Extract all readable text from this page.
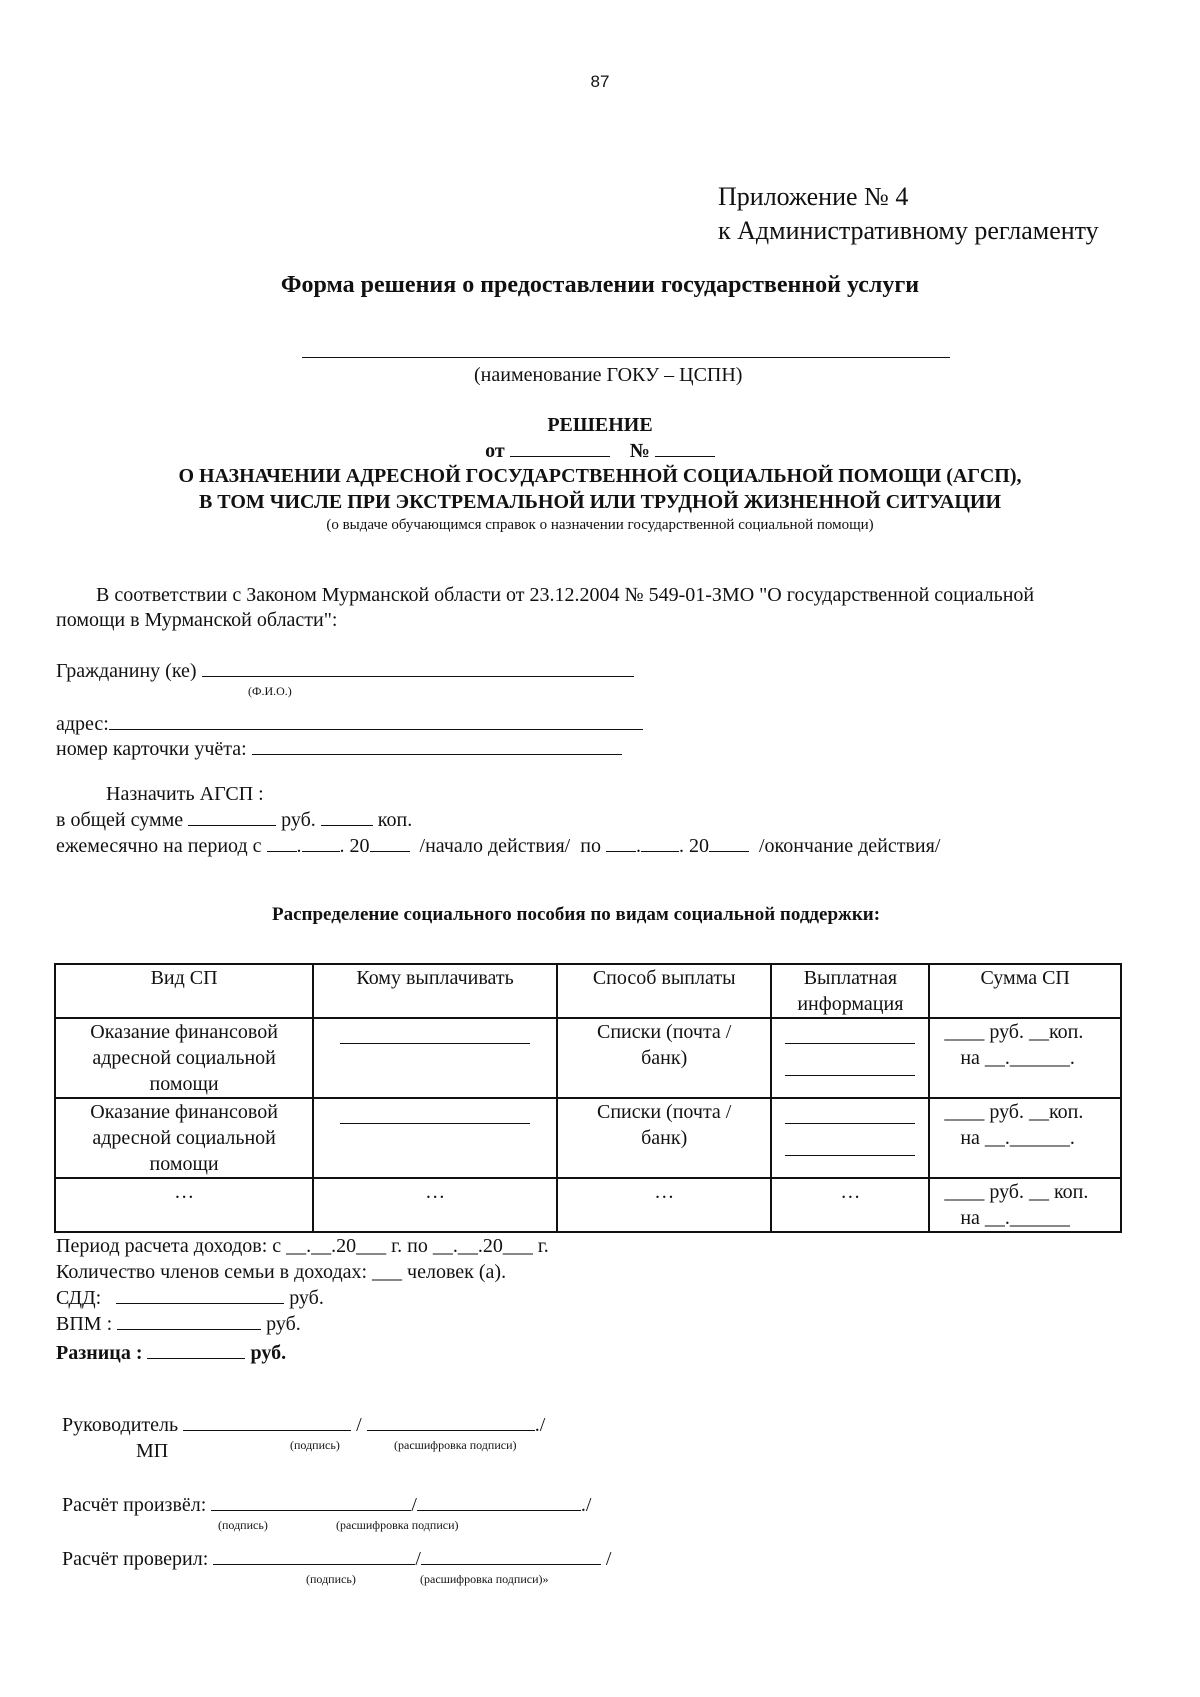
87
Приложение № 4
к Административному регламенту
Форма решения о предоставлении государственной услуги
(наименование ГОКУ – ЦСПН)
РЕШЕНИЕ
от	№
О НАЗНАЧЕНИИ АДРЕСНОЙ ГОСУДАРСТВЕННОЙ СОЦИАЛЬНОЙ ПОМОЩИ (АГСП),
В ТОМ ЧИСЛЕ ПРИ ЭКСТРЕМАЛЬНОЙ ИЛИ ТРУДНОЙ ЖИЗНЕННОЙ СИТУАЦИИ
(о выдаче обучающимся справок о назначении государственной социальной помощи)
В соответствии с Законом Мурманской области от 23.12.2004 № 549-01-ЗМО "О государственной социальной
помощи в Мурманской области":
Гражданину (ке)
(Ф.И.О.)
адрес:
номер карточки учёта:
Назначить АГСП :
в общей сумме	руб.	коп.
ежемесячно на период с . . 20	/начало действия/ по . . 20	/окончание действия/
Распределение социального пособия по видам социальной поддержки:
Вид СП	Кому выплачивать	Способ выплаты	Выплатная информация	Сумма СП
Оказание финансовой адресной социальной помощи		Списки (почта / банк)		____ руб. __коп.
на __.______.

Оказание финансовой адресной социальной помощи		Списки (почта / банк)		____ руб. __коп.
на __.______.

…	…	…	…	____ руб. __ коп.
на __.______
Период расчета доходов: с __.__.20___ г. по __.__.20___ г.
Количество членов семьи в доходах: ___ человек (а).
СДД:	руб.
ВПМ :	руб.
Разница :	руб.
Руководитель	/	./
МП	(подпись)	(расшифровка подписи)
Расчёт произвёл:	/	./
(подпись)	(расшифровка подписи)
Расчёт проверил:	/	/
(подпись)	(расшифровка подписи)»
